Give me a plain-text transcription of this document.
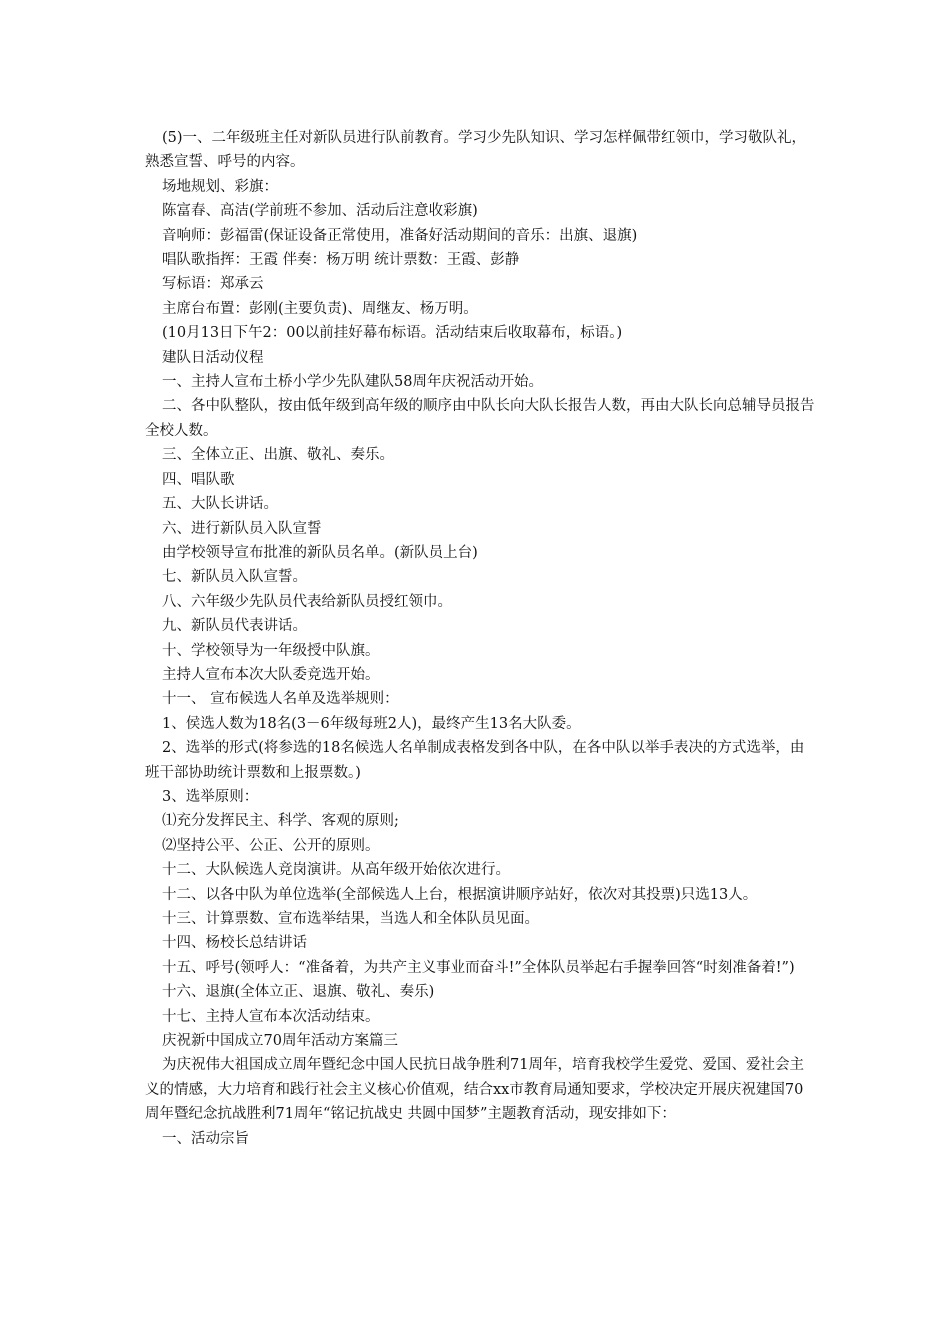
(5)一、二年级班主任对新队员进行队前教育。学习少先队知识、学习怎样佩带红领巾，学习敬队礼，熟悉宣誓、呼号的内容。

场地规划、彩旗：

陈富春、高洁(学前班不参加、活动后注意收彩旗)

音响师：彭福雷(保证设备正常使用，准备好活动期间的音乐：出旗、退旗)

唱队歌指挥：王霞 伴奏：杨万明 统计票数：王霞、彭静

写标语：郑承云

主席台布置：彭刚(主要负责)、周继友、杨万明。

(10月13日下午2：00以前挂好幕布标语。活动结束后收取幕布，标语。)

建队日活动仪程

一、主持人宣布土桥小学少先队建队58周年庆祝活动开始。

二、各中队整队，按由低年级到高年级的顺序由中队长向大队长报告人数，再由大队长向总辅导员报告全校人数。

三、全体立正、出旗、敬礼、奏乐。

四、唱队歌

五、大队长讲话。

六、进行新队员入队宣誓

由学校领导宣布批准的新队员名单。(新队员上台)

七、新队员入队宣誓。

八、六年级少先队员代表给新队员授红领巾。

九、新队员代表讲话。

十、学校领导为一年级授中队旗。

主持人宣布本次大队委竞选开始。

十一、 宣布候选人名单及选举规则：

1、侯选人数为18名(3－6年级每班2人)，最终产生13名大队委。

2、选举的形式(将参选的18名候选人名单制成表格发到各中队，在各中队以举手表决的方式选举，由班干部协助统计票数和上报票数。)

3、选举原则：

⑴充分发挥民主、科学、客观的原则;

⑵坚持公平、公正、公开的原则。

十二、大队候选人竞岗演讲。从高年级开始依次进行。

十二、以各中队为单位选举(全部候选人上台，根据演讲顺序站好，依次对其投票)只选13人。

十三、计算票数、宣布选举结果，当选人和全体队员见面。

十四、杨校长总结讲话

十五、呼号(领呼人：“准备着，为共产主义事业而奋斗!”全体队员举起右手握拳回答“时刻准备着!”)

十六、退旗(全体立正、退旗、敬礼、奏乐)

十七、主持人宣布本次活动结束。

庆祝新中国成立70周年活动方案篇三

为庆祝伟大祖国成立周年暨纪念中国人民抗日战争胜利71周年，培育我校学生爱党、爱国、爱社会主义的情感，大力培育和践行社会主义核心价值观，结合xx市教育局通知要求，学校决定开展庆祝建国70周年暨纪念抗战胜利71周年“铭记抗战史 共圆中国梦”主题教育活动，现安排如下：

一、活动宗旨
